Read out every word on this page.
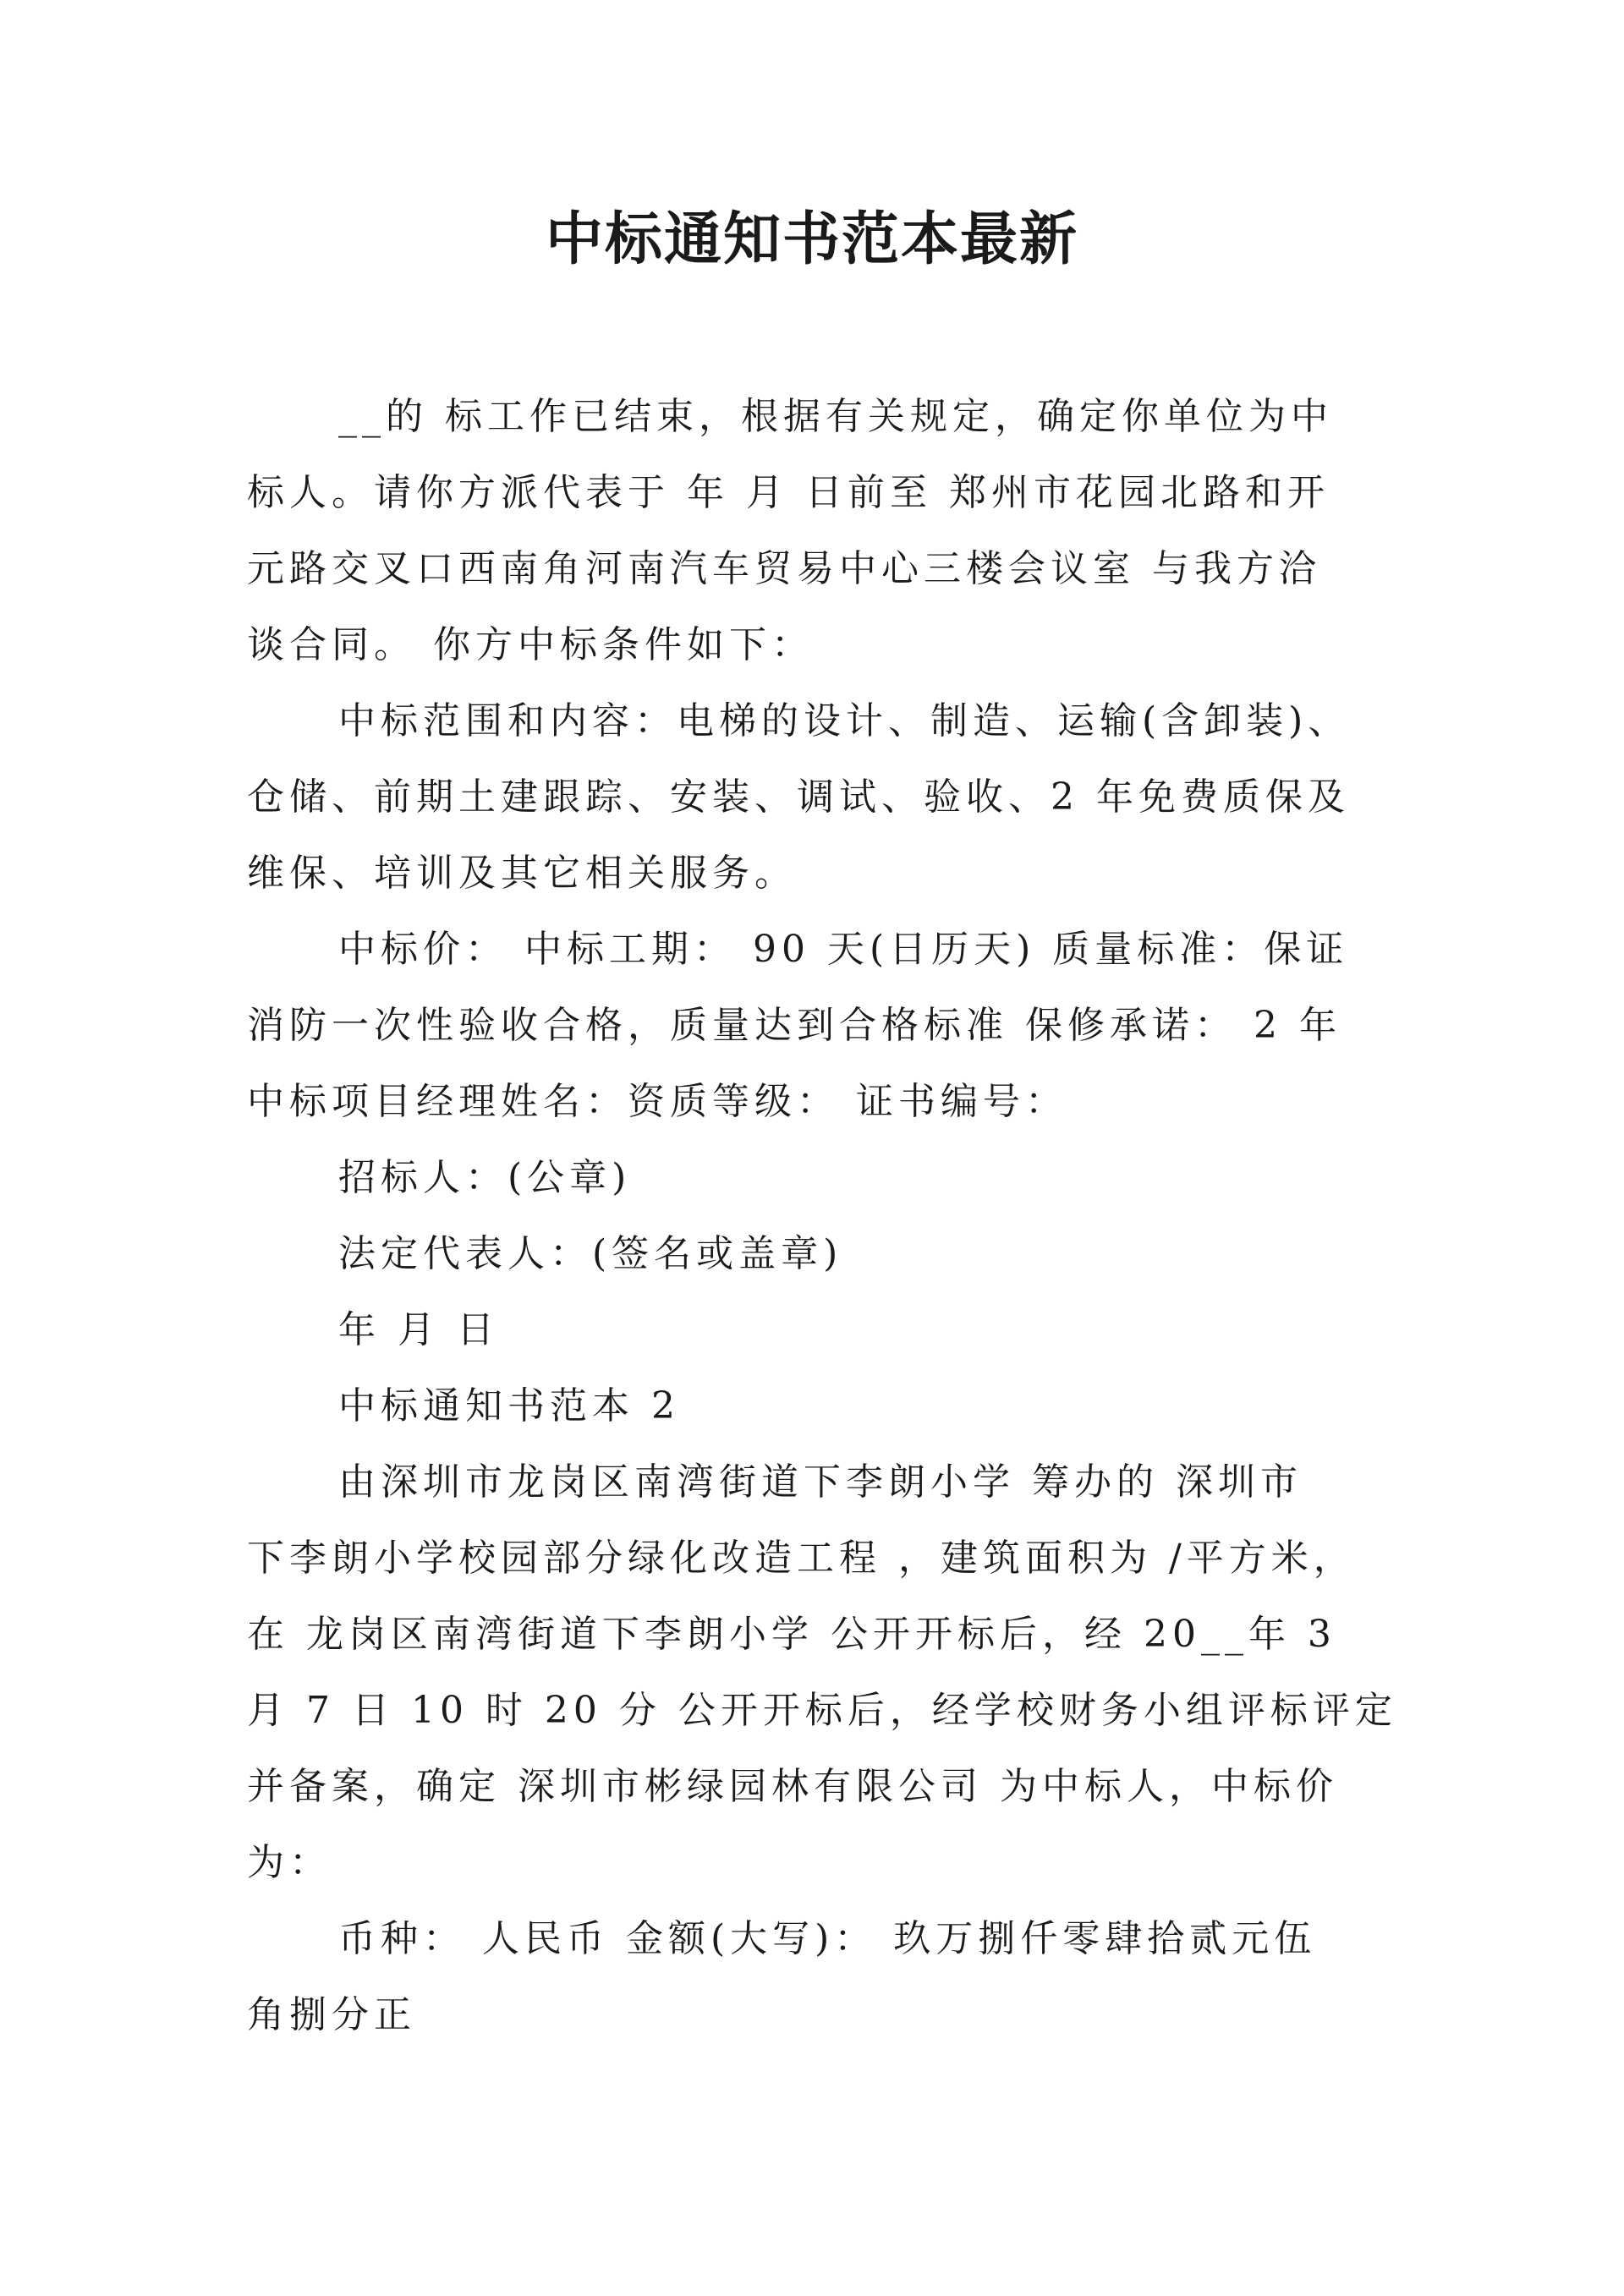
中标通知书范本最新

__的 标工作已结束，根据有关规定，确定你单位为中

标人。请你方派代表于 年 月 日前至 郑州市花园北路和开

元路交叉口西南角河南汽车贸易中心三楼会议室 与我方洽

谈合同。 你方中标条件如下：

中标范围和内容：电梯的设计、制造、运输(含卸装)、

仓储、前期土建跟踪、安装、调试、验收、2 年免费质保及

维保、培训及其它相关服务。

中标价： 中标工期： 90 天(日历天) 质量标准：保证

消防一次性验收合格，质量达到合格标准 保修承诺： 2 年

中标项目经理姓名：资质等级： 证书编号：

招标人：(公章)

法定代表人：(签名或盖章)

年 月 日

中标通知书范本 2

由深圳市龙岗区南湾街道下李朗小学 筹办的 深圳市

下李朗小学校园部分绿化改造工程 ，建筑面积为 /平方米，

在 龙岗区南湾街道下李朗小学 公开开标后，经 20__年 3

月 7 日 10 时 20 分 公开开标后，经学校财务小组评标评定

并备案，确定 深圳市彬绿园林有限公司 为中标人，中标价

为：

币种： 人民币 金额(大写)： 玖万捌仟零肆拾贰元伍

角捌分正
